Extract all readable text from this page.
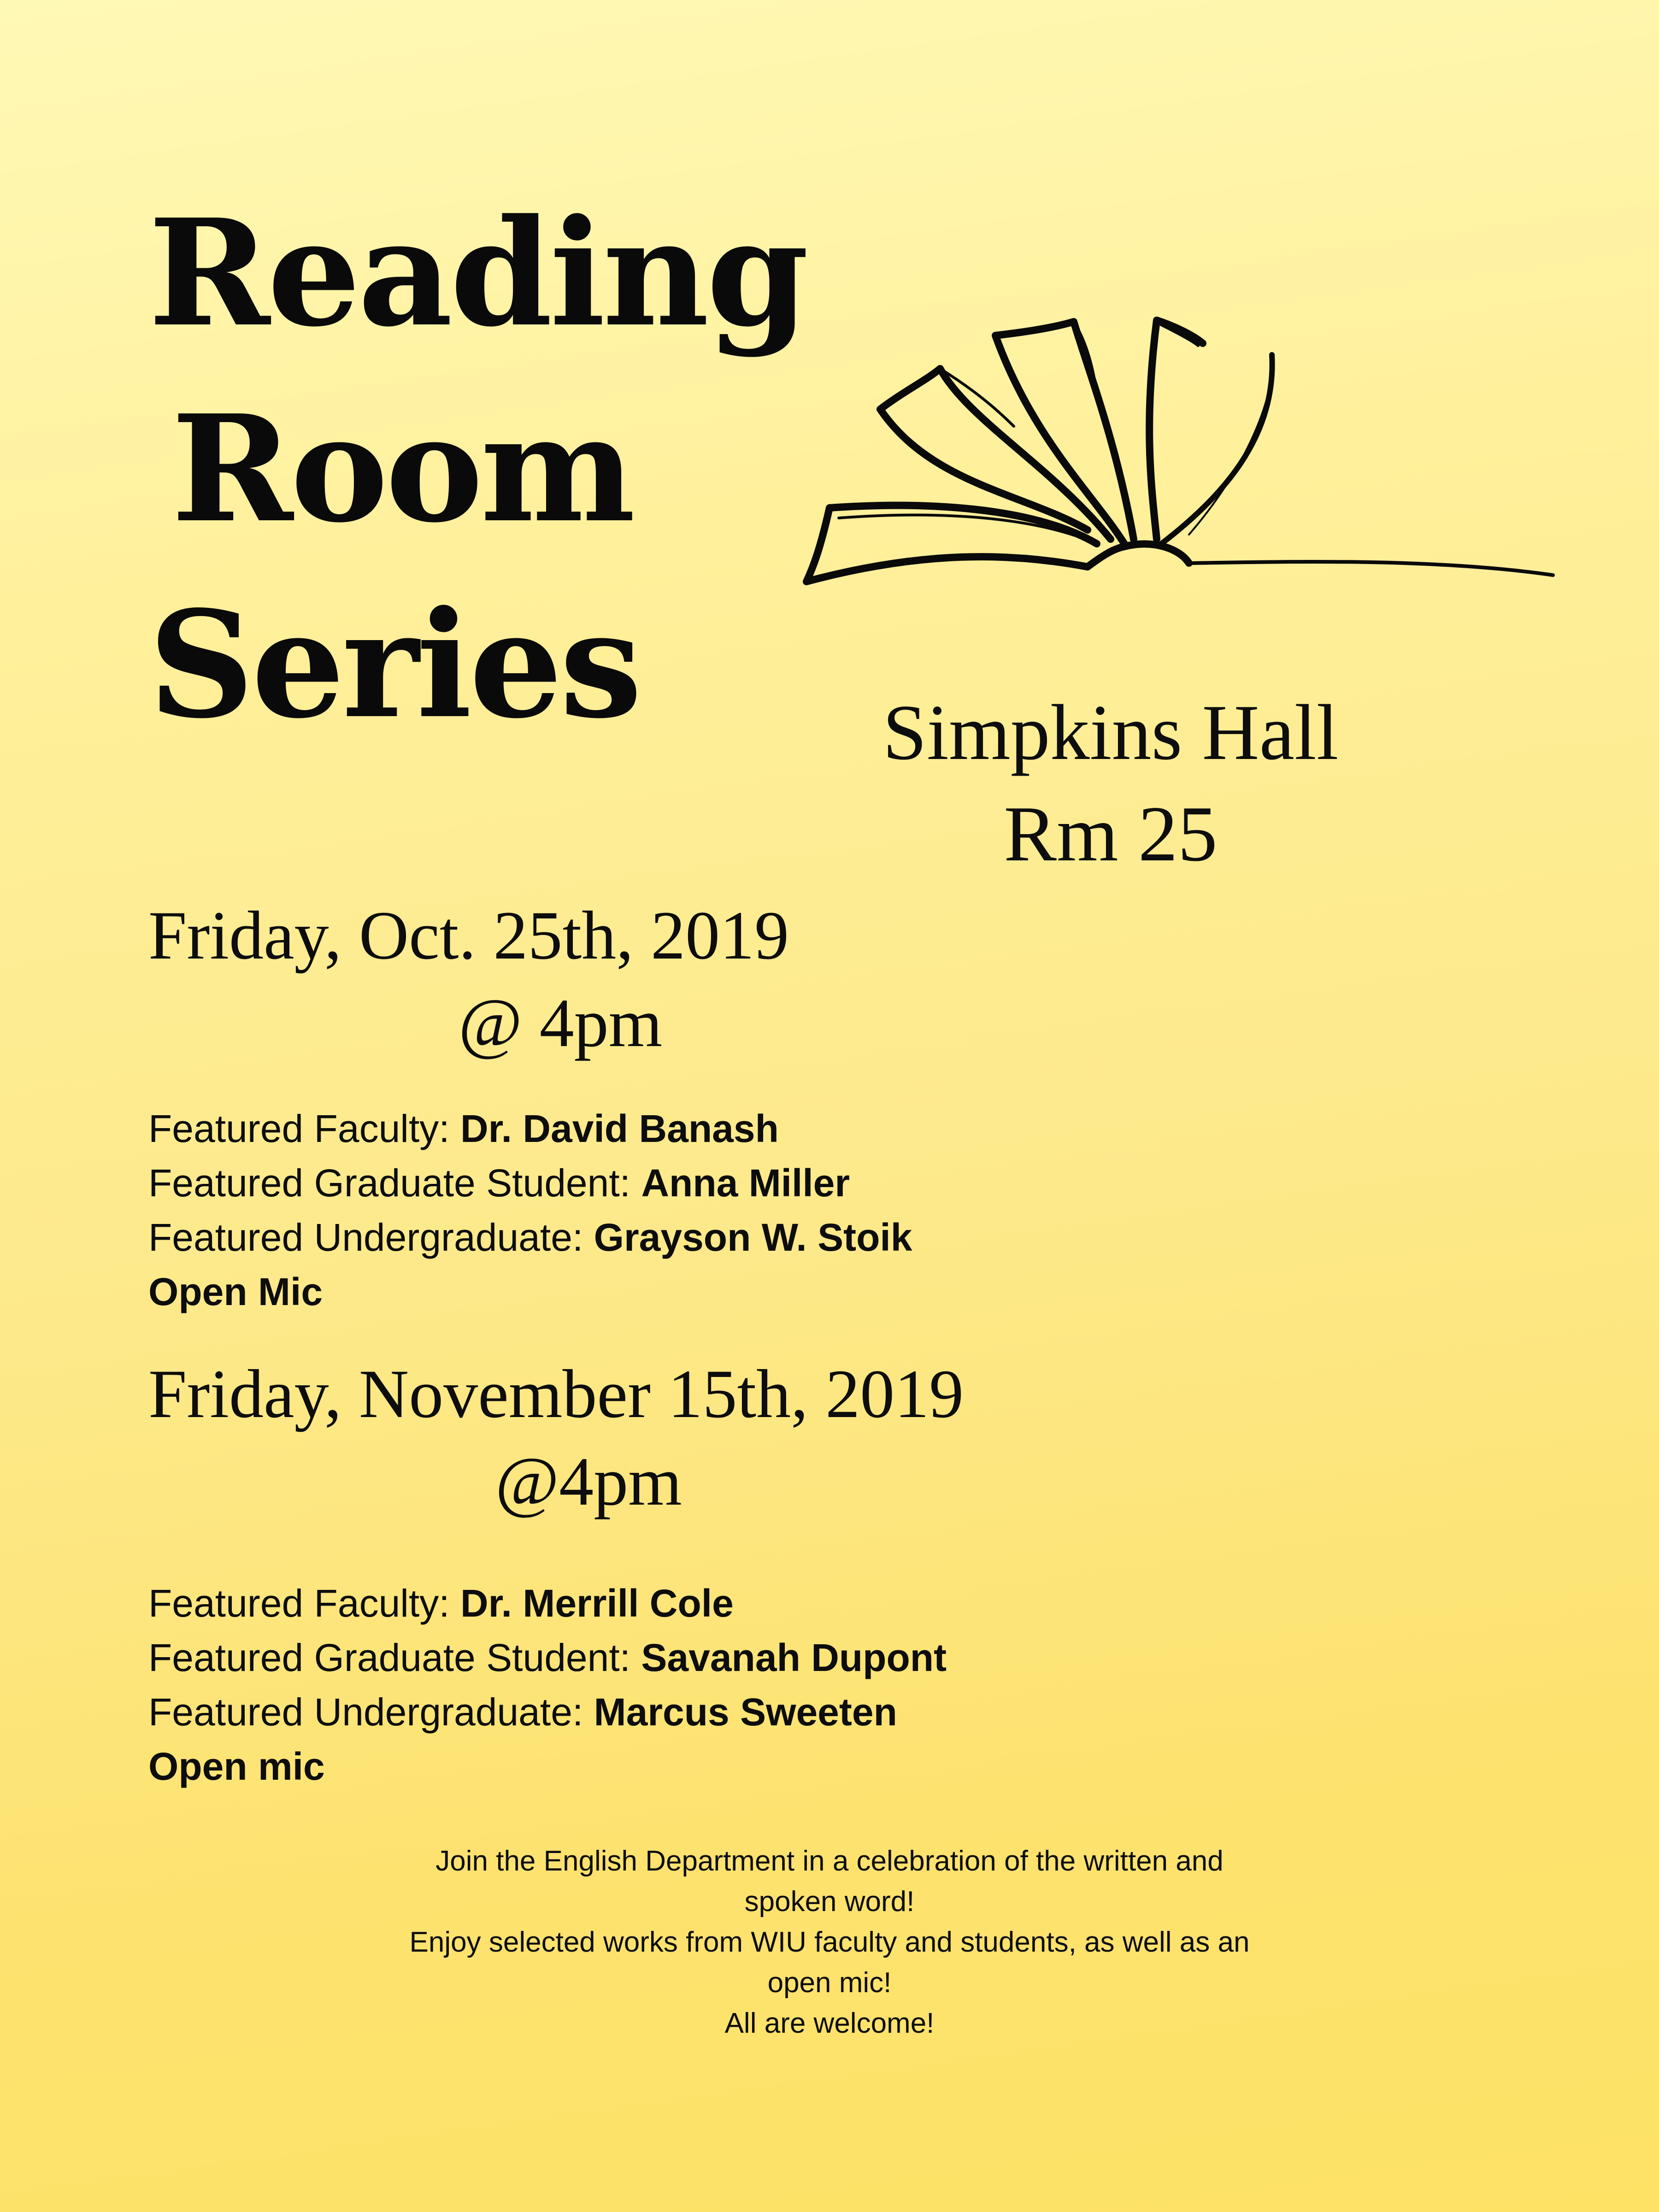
Reading
Room
Series	Simpkins Hall
Rm 25
Friday, Oct. 25th, 2019
@ 4pm
Featured Faculty: Dr. David Banash
Featured Graduate Student: Anna Miller
Featured Undergraduate: Grayson W. Stoik
Open Mic
Friday, November 15th, 2019
@4pm
Featured Faculty: Dr. Merrill Cole
Featured Graduate Student: Savanah Dupont
Featured Undergraduate: Marcus Sweeten
Open mic
Join the English Department in a celebration of the written and
spoken word!
Enjoy selected works from WIU faculty and students, as well as an
open mic!
All are welcome!
